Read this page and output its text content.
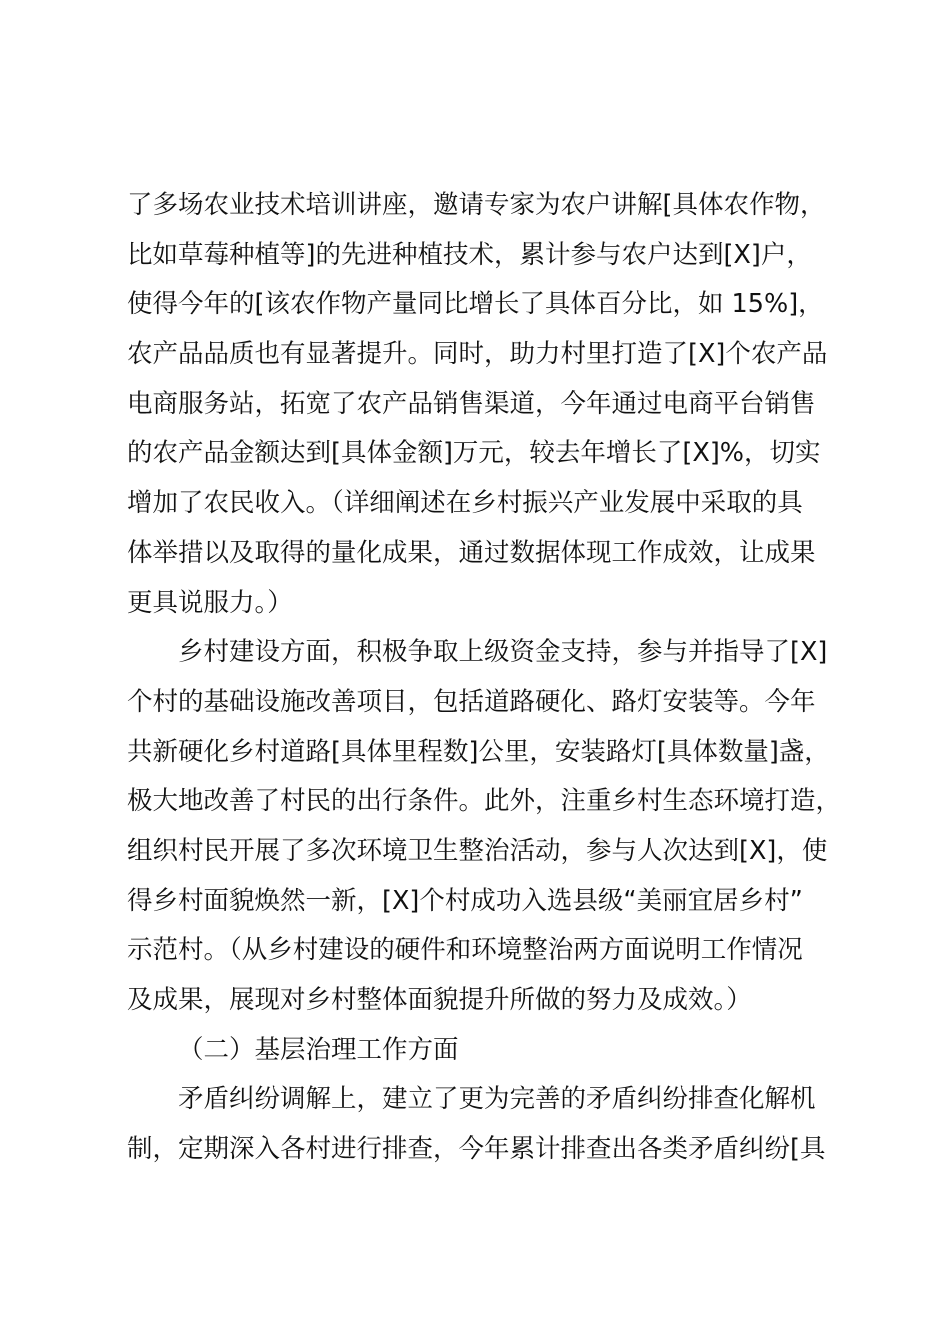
了多场农业技术培训讲座，邀请专家为农户讲解[具体农作物，
比如草莓种植等]的先进种植技术，累计参与农户达到[X]户，
使得今年的[该农作物产量同比增长了具体百分比，如 15%]，
农产品品质也有显著提升。同时，助力村里打造了[X]个农产品
电商服务站，拓宽了农产品销售渠道，今年通过电商平台销售
的农产品金额达到[具体金额]万元，较去年增长了[X]%，切实
增加了农民收入。（详细阐述在乡村振兴产业发展中采取的具
体举措以及取得的量化成果，通过数据体现工作成效，让成果
更具说服力。）
乡村建设方面，积极争取上级资金支持，参与并指导了[X]
个村的基础设施改善项目，包括道路硬化、路灯安装等。今年
共新硬化乡村道路[具体里程数]公里，安装路灯[具体数量]盏，
极大地改善了村民的出行条件。此外，注重乡村生态环境打造，
组织村民开展了多次环境卫生整治活动，参与人次达到[X]，使
得乡村面貌焕然一新，[X]个村成功入选县级“美丽宜居乡村”
示范村。（从乡村建设的硬件和环境整治两方面说明工作情况
及成果，展现对乡村整体面貌提升所做的努力及成效。）
（二）基层治理工作方面
矛盾纠纷调解上，建立了更为完善的矛盾纠纷排查化解机
制，定期深入各村进行排查，今年累计排查出各类矛盾纠纷[具
